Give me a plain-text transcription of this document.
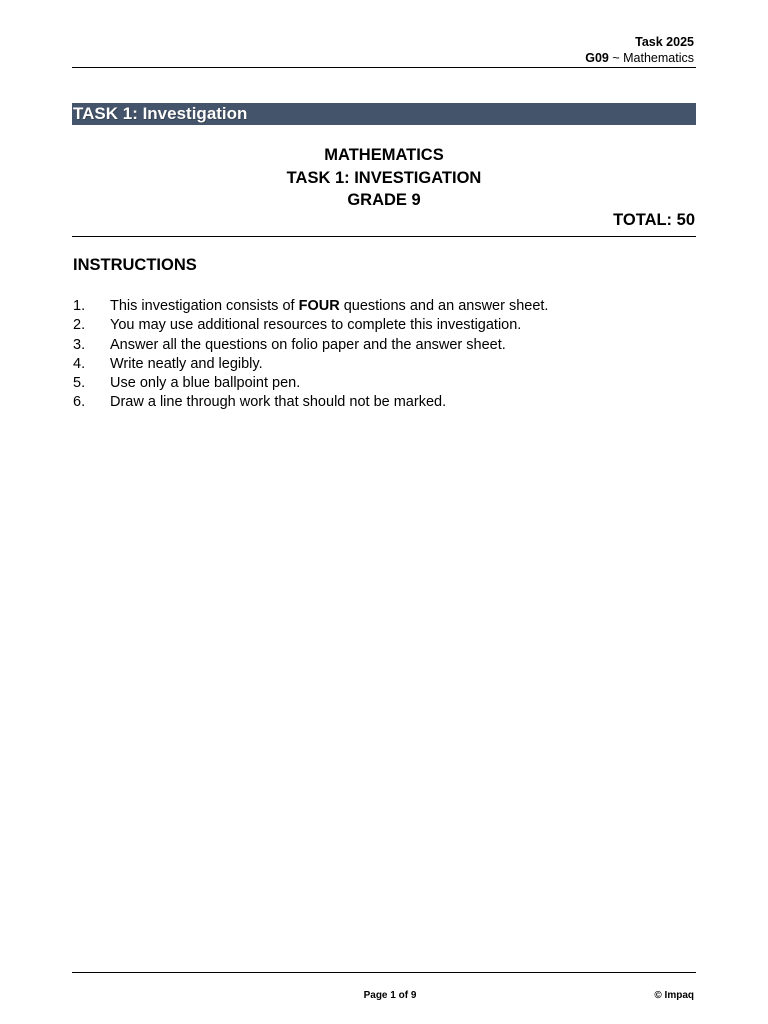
Task 2025
G09 ~ Mathematics
TASK 1: Investigation
MATHEMATICS
TASK 1: INVESTIGATION
GRADE 9
TOTAL: 50
INSTRUCTIONS
1.	This investigation consists of FOUR questions and an answer sheet.
2.	You may use additional resources to complete this investigation.
3.	Answer all the questions on folio paper and the answer sheet.
4.	Write neatly and legibly.
5.	Use only a blue ballpoint pen.
6.	Draw a line through work that should not be marked.
Page 1 of 9	© Impaq
